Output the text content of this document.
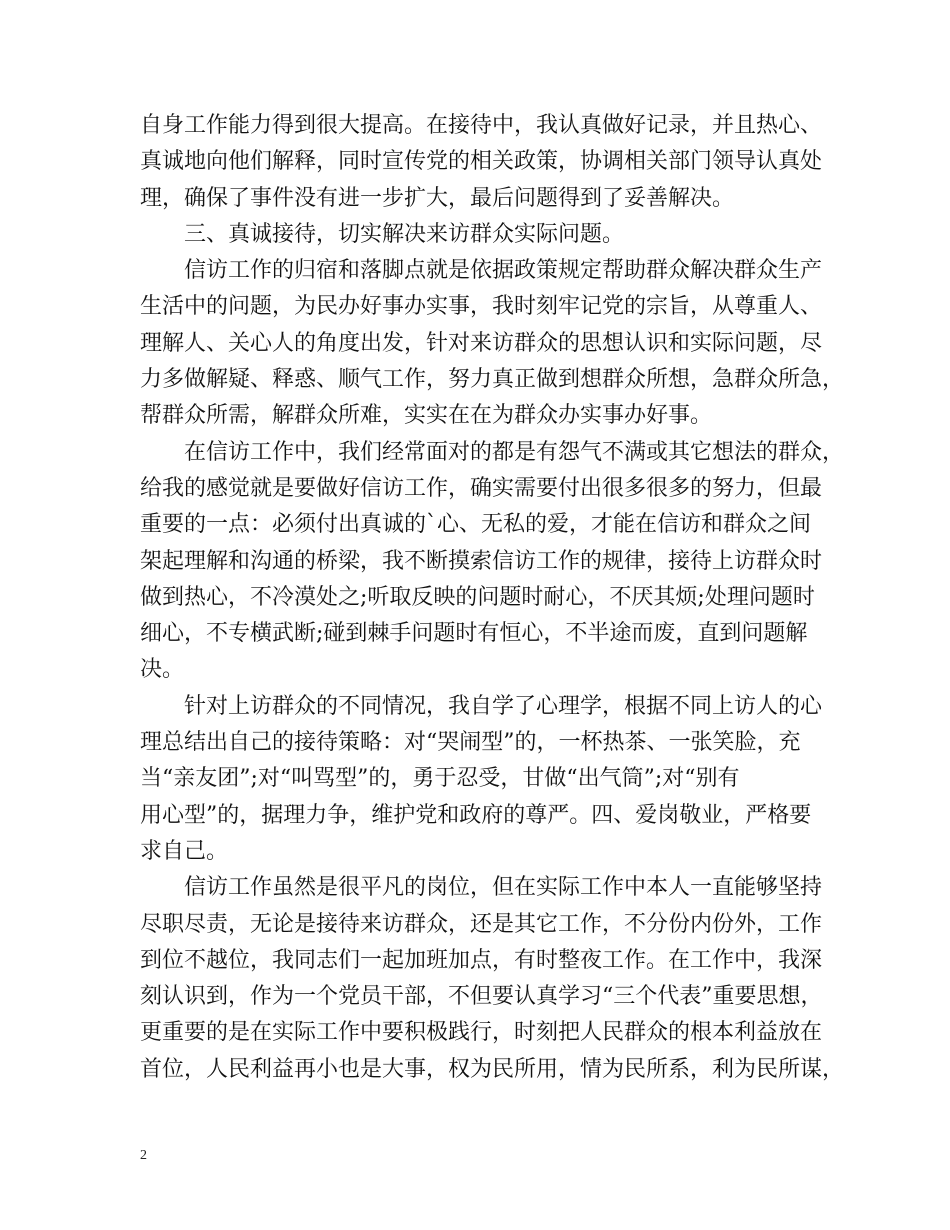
自身工作能力得到很大提高。在接待中，我认真做好记录，并且热心、
真诚地向他们解释，同时宣传党的相关政策，协调相关部门领导认真处
理，确保了事件没有进一步扩大，最后问题得到了妥善解决。
三、真诚接待，切实解决来访群众实际问题。
信访工作的归宿和落脚点就是依据政策规定帮助群众解决群众生产
生活中的问题，为民办好事办实事，我时刻牢记党的宗旨，从尊重人、
理解人、关心人的角度出发，针对来访群众的思想认识和实际问题，尽
力多做解疑、释惑、顺气工作，努力真正做到想群众所想，急群众所急，
帮群众所需，解群众所难，实实在在为群众办实事办好事。
在信访工作中，我们经常面对的都是有怨气不满或其它想法的群众，
给我的感觉就是要做好信访工作，确实需要付出很多很多的努力，但最
重要的一点：必须付出真诚的`心、无私的爱，才能在信访和群众之间
架起理解和沟通的桥梁，我不断摸索信访工作的规律，接待上访群众时
做到热心，不冷漠处之;听取反映的问题时耐心，不厌其烦;处理问题时
细心，不专横武断;碰到棘手问题时有恒心，不半途而废，直到问题解
决。
针对上访群众的不同情况，我自学了心理学，根据不同上访人的心
理总结出自己的接待策略：对“哭闹型”的，一杯热茶、一张笑脸，充
当“亲友团”;对“叫骂型”的，勇于忍受，甘做“出气筒”;对“别有
用心型”的，据理力争，维护党和政府的尊严。四、爱岗敬业，严格要
求自己。
信访工作虽然是很平凡的岗位，但在实际工作中本人一直能够坚持
尽职尽责，无论是接待来访群众，还是其它工作，不分份内份外，工作
到位不越位，我同志们一起加班加点，有时整夜工作。在工作中，我深
刻认识到，作为一个党员干部，不但要认真学习“三个代表”重要思想，
更重要的是在实际工作中要积极践行，时刻把人民群众的根本利益放在
首位，人民利益再小也是大事，权为民所用，情为民所系，利为民所谋，
2
